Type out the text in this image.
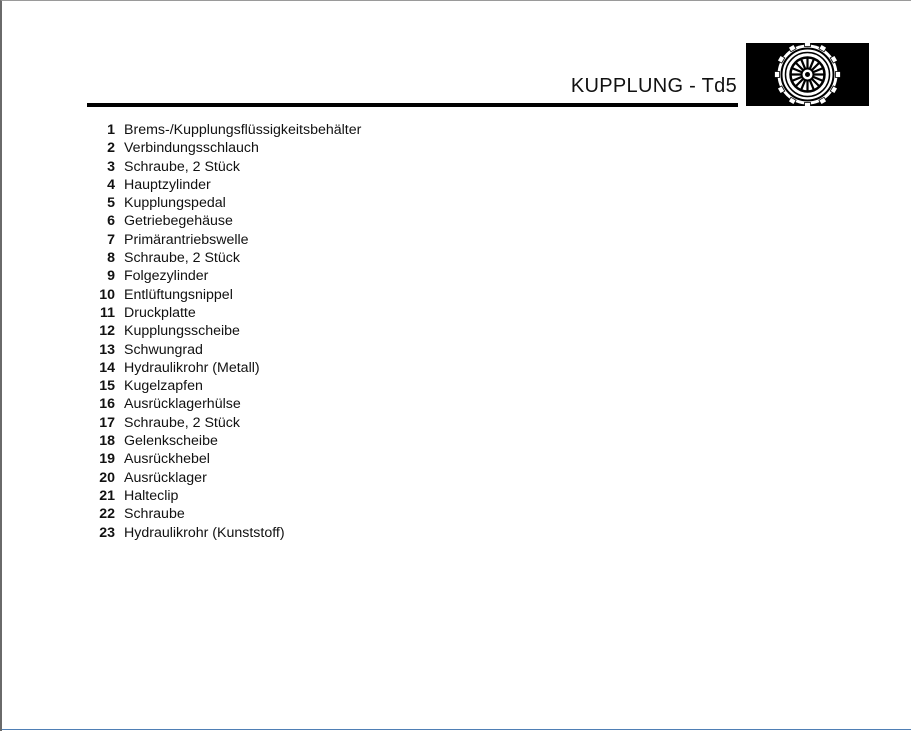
KUPPLUNG - Td5
1 Brems-/Kupplungsflüssigkeitsbehälter
2 Verbindungsschlauch
3 Schraube, 2 Stück
4 Hauptzylinder
5 Kupplungspedal
6 Getriebegehäuse
7 Primärantriebswelle
8 Schraube, 2 Stück
9 Folgezylinder
10 Entlüftungsnippel
11 Druckplatte
12 Kupplungsscheibe
13 Schwungrad
14 Hydraulikrohr (Metall)
15 Kugelzapfen
16 Ausrücklagerhülse
17 Schraube, 2 Stück
18 Gelenkscheibe
19 Ausrückhebel
20 Ausrücklager
21 Halteclip
22 Schraube
23 Hydraulikrohr (Kunststoff)
